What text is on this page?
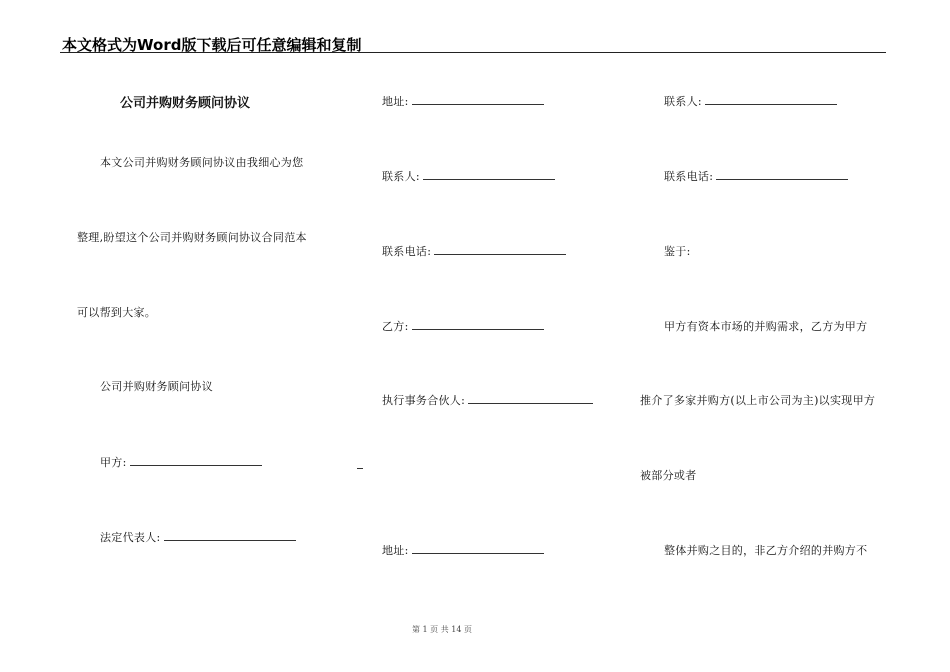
本文格式为Word版下载后可任意编辑和复制
公司并购财务顾问协议
本文公司并购财务顾问协议由我细心为您
整理,盼望这个公司并购财务顾问协议合同范本
可以帮到大家。
公司并购财务顾问协议
甲方:
法定代表人:
地址:
联系人:
联系电话:
乙方:
执行事务合伙人:
地址:
联系人:
联系电话:
鉴于:
甲方有资本市场的并购需求，乙方为甲方
推介了多家并购方(以上市公司为主)以实现甲方
被部分或者
整体并购之目的，非乙方介绍的并购方不
第 1 页 共 14 页
